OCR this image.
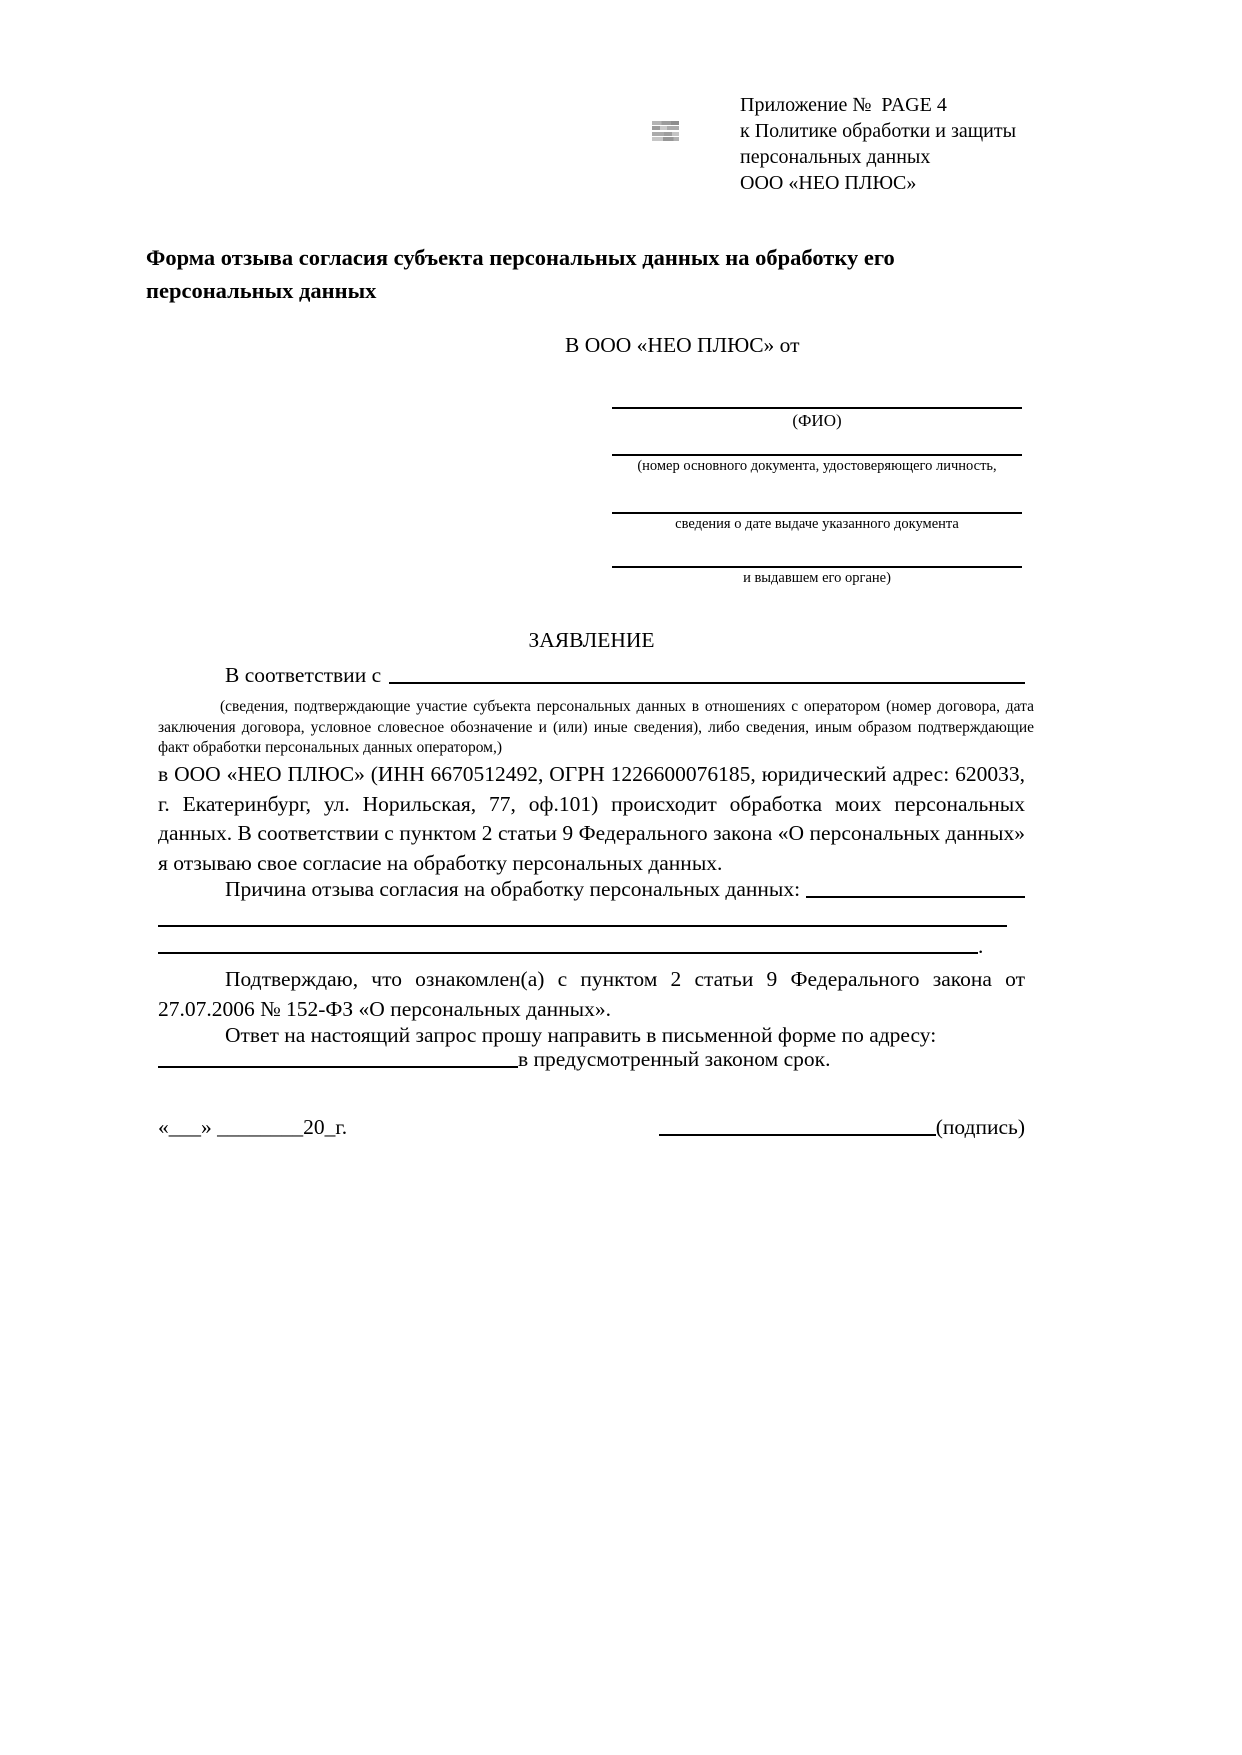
Приложение №  PAGE 4
к Политике обработки и защиты
персональных данных
ООО «НЕО ПЛЮС»
Форма отзыва согласия субъекта персональных данных на обработку его персональных данных
В ООО «НЕО ПЛЮС» от
(ФИО)
(номер основного документа, удостоверяющего личность,
сведения о дате выдаче указанного документа
и выдавшем его органе)
ЗАЯВЛЕНИЕ
В соответствии с
(сведения, подтверждающие участие субъекта персональных данных в отношениях с оператором (номер договора, дата заключения договора, условное словесное обозначение и (или) иные сведения), либо сведения, иным образом подтверждающие факт обработки персональных данных оператором,)
в ООО «НЕО ПЛЮС» (ИНН 6670512492, ОГРН 1226600076185, юридический адрес: 620033, г. Екатеринбург, ул. Норильская, 77, оф.101) происходит обработка моих персональных данных. В соответствии с пунктом 2 статьи 9 Федерального закона «О персональных данных» я отзываю свое согласие на обработку персональных данных.
Причина отзыва согласия на обработку персональных данных:
.
Подтверждаю, что ознакомлен(а) с пунктом 2 статьи 9 Федерального закона от 27.07.2006 № 152-ФЗ «О персональных данных».
Ответ на настоящий запрос прошу направить в письменной форме по адресу:
в предусмотренный законом срок.
«___» ________20_г.	(подпись)
